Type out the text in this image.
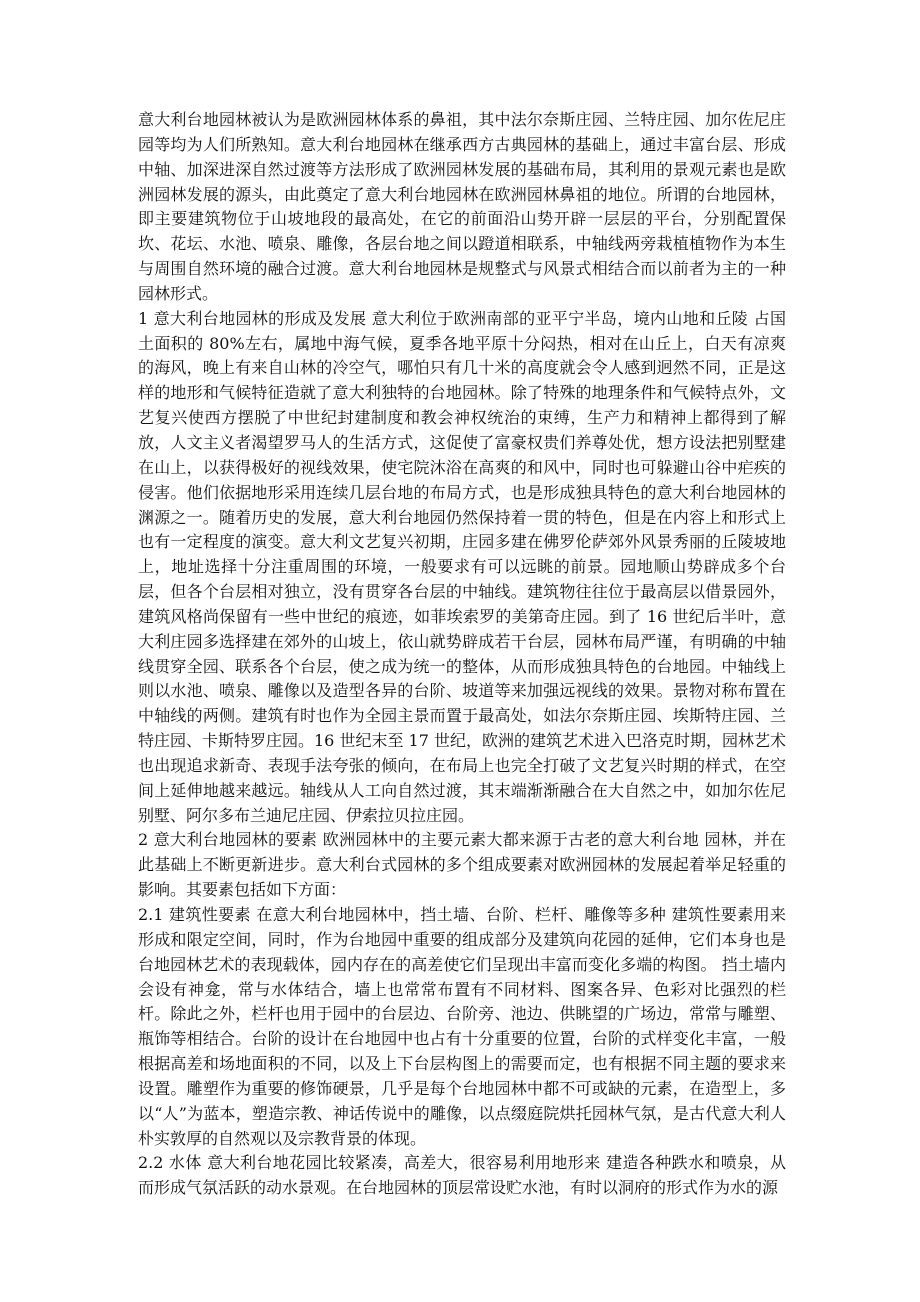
意大利台地园林被认为是欧洲园林体系的鼻祖，其中法尔奈斯庄园、兰特庄园、加尔佐尼庄园等均为人们所熟知。意大利台地园林在继承西方古典园林的基础上，通过丰富台层、形成中轴、加深进深自然过渡等方法形成了欧洲园林发展的基础布局，其利用的景观元素也是欧洲园林发展的源头，由此奠定了意大利台地园林在欧洲园林鼻祖的地位。所谓的台地园林，即主要建筑物位于山坡地段的最高处，在它的前面沿山势开辟一层层的平台，分别配置保坎、花坛、水池、喷泉、雕像，各层台地之间以蹬道相联系，中轴线两旁栽植植物作为本生与周围自然环境的融合过渡。意大利台地园林是规整式与风景式相结合而以前者为主的一种园林形式。

1 意大利台地园林的形成及发展 意大利位于欧洲南部的亚平宁半岛，境内山地和丘陵 占国土面积的 80%左右，属地中海气候，夏季各地平原十分闷热，相对在山丘上，白天有凉爽的海风，晚上有来自山林的冷空气，哪怕只有几十米的高度就会令人感到迥然不同，正是这样的地形和气候特征造就了意大利独特的台地园林。除了特殊的地理条件和气候特点外，文艺复兴使西方摆脱了中世纪封建制度和教会神权统治的束缚，生产力和精神上都得到了解放，人文主义者渴望罗马人的生活方式，这促使了富豪权贵们养尊处优，想方设法把别墅建在山上，以获得极好的视线效果，使宅院沐浴在高爽的和风中，同时也可躲避山谷中疟疾的侵害。他们依据地形采用连续几层台地的布局方式，也是形成独具特色的意大利台地园林的渊源之一。随着历史的发展，意大利台地园仍然保持着一贯的特色，但是在内容上和形式上也有一定程度的演变。意大利文艺复兴初期，庄园多建在佛罗伦萨郊外风景秀丽的丘陵坡地上，地址选择十分注重周围的环境，一般要求有可以远眺的前景。园地顺山势辟成多个台层，但各个台层相对独立，没有贯穿各台层的中轴线。建筑物往往位于最高层以借景园外，建筑风格尚保留有一些中世纪的痕迹，如菲埃索罗的美第奇庄园。到了 16 世纪后半叶，意大利庄园多选择建在郊外的山坡上，依山就势辟成若干台层，园林布局严谨，有明确的中轴线贯穿全园、联系各个台层，使之成为统一的整体，从而形成独具特色的台地园。中轴线上则以水池、喷泉、雕像以及造型各异的台阶、坡道等来加强远视线的效果。景物对称布置在中轴线的两侧。建筑有时也作为全园主景而置于最高处，如法尔奈斯庄园、埃斯特庄园、兰特庄园、卡斯特罗庄园。16 世纪末至 17 世纪，欧洲的建筑艺术进入巴洛克时期，园林艺术也出现追求新奇、表现手法夸张的倾向，在布局上也完全打破了文艺复兴时期的样式，在空间上延伸地越来越远。轴线从人工向自然过渡，其末端渐渐融合在大自然之中，如加尔佐尼别墅、阿尔多布兰迪尼庄园、伊索拉贝拉庄园。

2 意大利台地园林的要素 欧洲园林中的主要元素大都来源于古老的意大利台地 园林，并在此基础上不断更新进步。意大利台式园林的多个组成要素对欧洲园林的发展起着举足轻重的影响。其要素包括如下方面：

2.1 建筑性要素 在意大利台地园林中，挡土墙、台阶、栏杆、雕像等多种 建筑性要素用来形成和限定空间，同时，作为台地园中重要的组成部分及建筑向花园的延伸，它们本身也是台地园林艺术的表现载体，园内存在的高差使它们呈现出丰富而变化多端的构图。 挡土墙内会设有神龛，常与水体结合，墙上也常常布置有不同材料、图案各异、色彩对比强烈的栏杆。除此之外，栏杆也用于园中的台层边、台阶旁、池边、供眺望的广场边，常常与雕塑、瓶饰等相结合。台阶的设计在台地园中也占有十分重要的位置，台阶的式样变化丰富，一般根据高差和场地面积的不同，以及上下台层构图上的需要而定，也有根据不同主题的要求来设置。雕塑作为重要的修饰硬景，几乎是每个台地园林中都不可或缺的元素，在造型上，多以“人”为蓝本，塑造宗教、神话传说中的雕像，以点缀庭院烘托园林气氛，是古代意大利人朴实敦厚的自然观以及宗教背景的体现。

2.2 水体 意大利台地花园比较紧凑，高差大，很容易利用地形来 建造各种跌水和喷泉，从而形成气氛活跃的动水景观。在台地园林的顶层常设贮水池，有时以洞府的形式作为水的源
